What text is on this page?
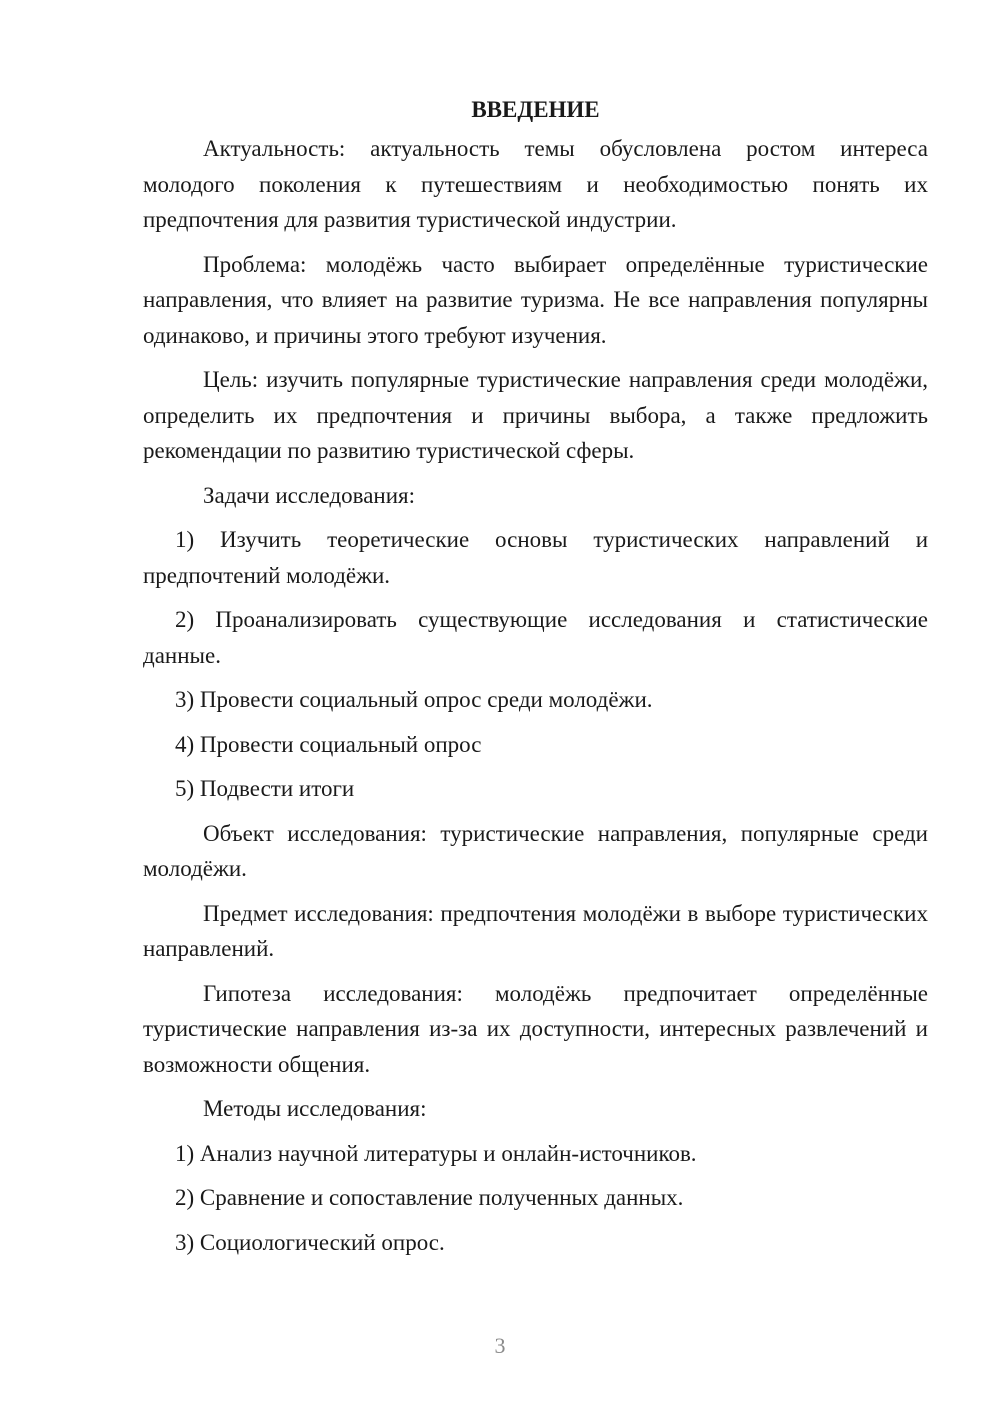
ВВЕДЕНИЕ

Актуальность: актуальность темы обусловлена ростом интереса молодого поколения к путешествиям и необходимостью понять их предпочтения для развития туристической индустрии.

Проблема: молодёжь часто выбирает определённые туристические направления, что влияет на развитие туризма. Не все направления популярны одинаково, и причины этого требуют изучения.

Цель: изучить популярные туристические направления среди молодёжи, определить их предпочтения и причины выбора, а также предложить рекомендации по развитию туристической сферы.

Задачи исследования:

1) Изучить теоретические основы туристических направлений и предпочтений молодёжи.

2) Проанализировать существующие исследования и статистические данные.

3) Провести социальный опрос среди молодёжи.

4) Провести социальный опрос

5) Подвести итоги

Объект исследования: туристические направления, популярные среди молодёжи.

Предмет исследования: предпочтения молодёжи в выборе туристических направлений.

Гипотеза исследования: молодёжь предпочитает определённые туристические направления из-за их доступности, интересных развлечений и возможности общения.

Методы исследования:

1) Анализ научной литературы и онлайн-источников.

2) Сравнение и сопоставление полученных данных.

3) Социологический опрос.

3
